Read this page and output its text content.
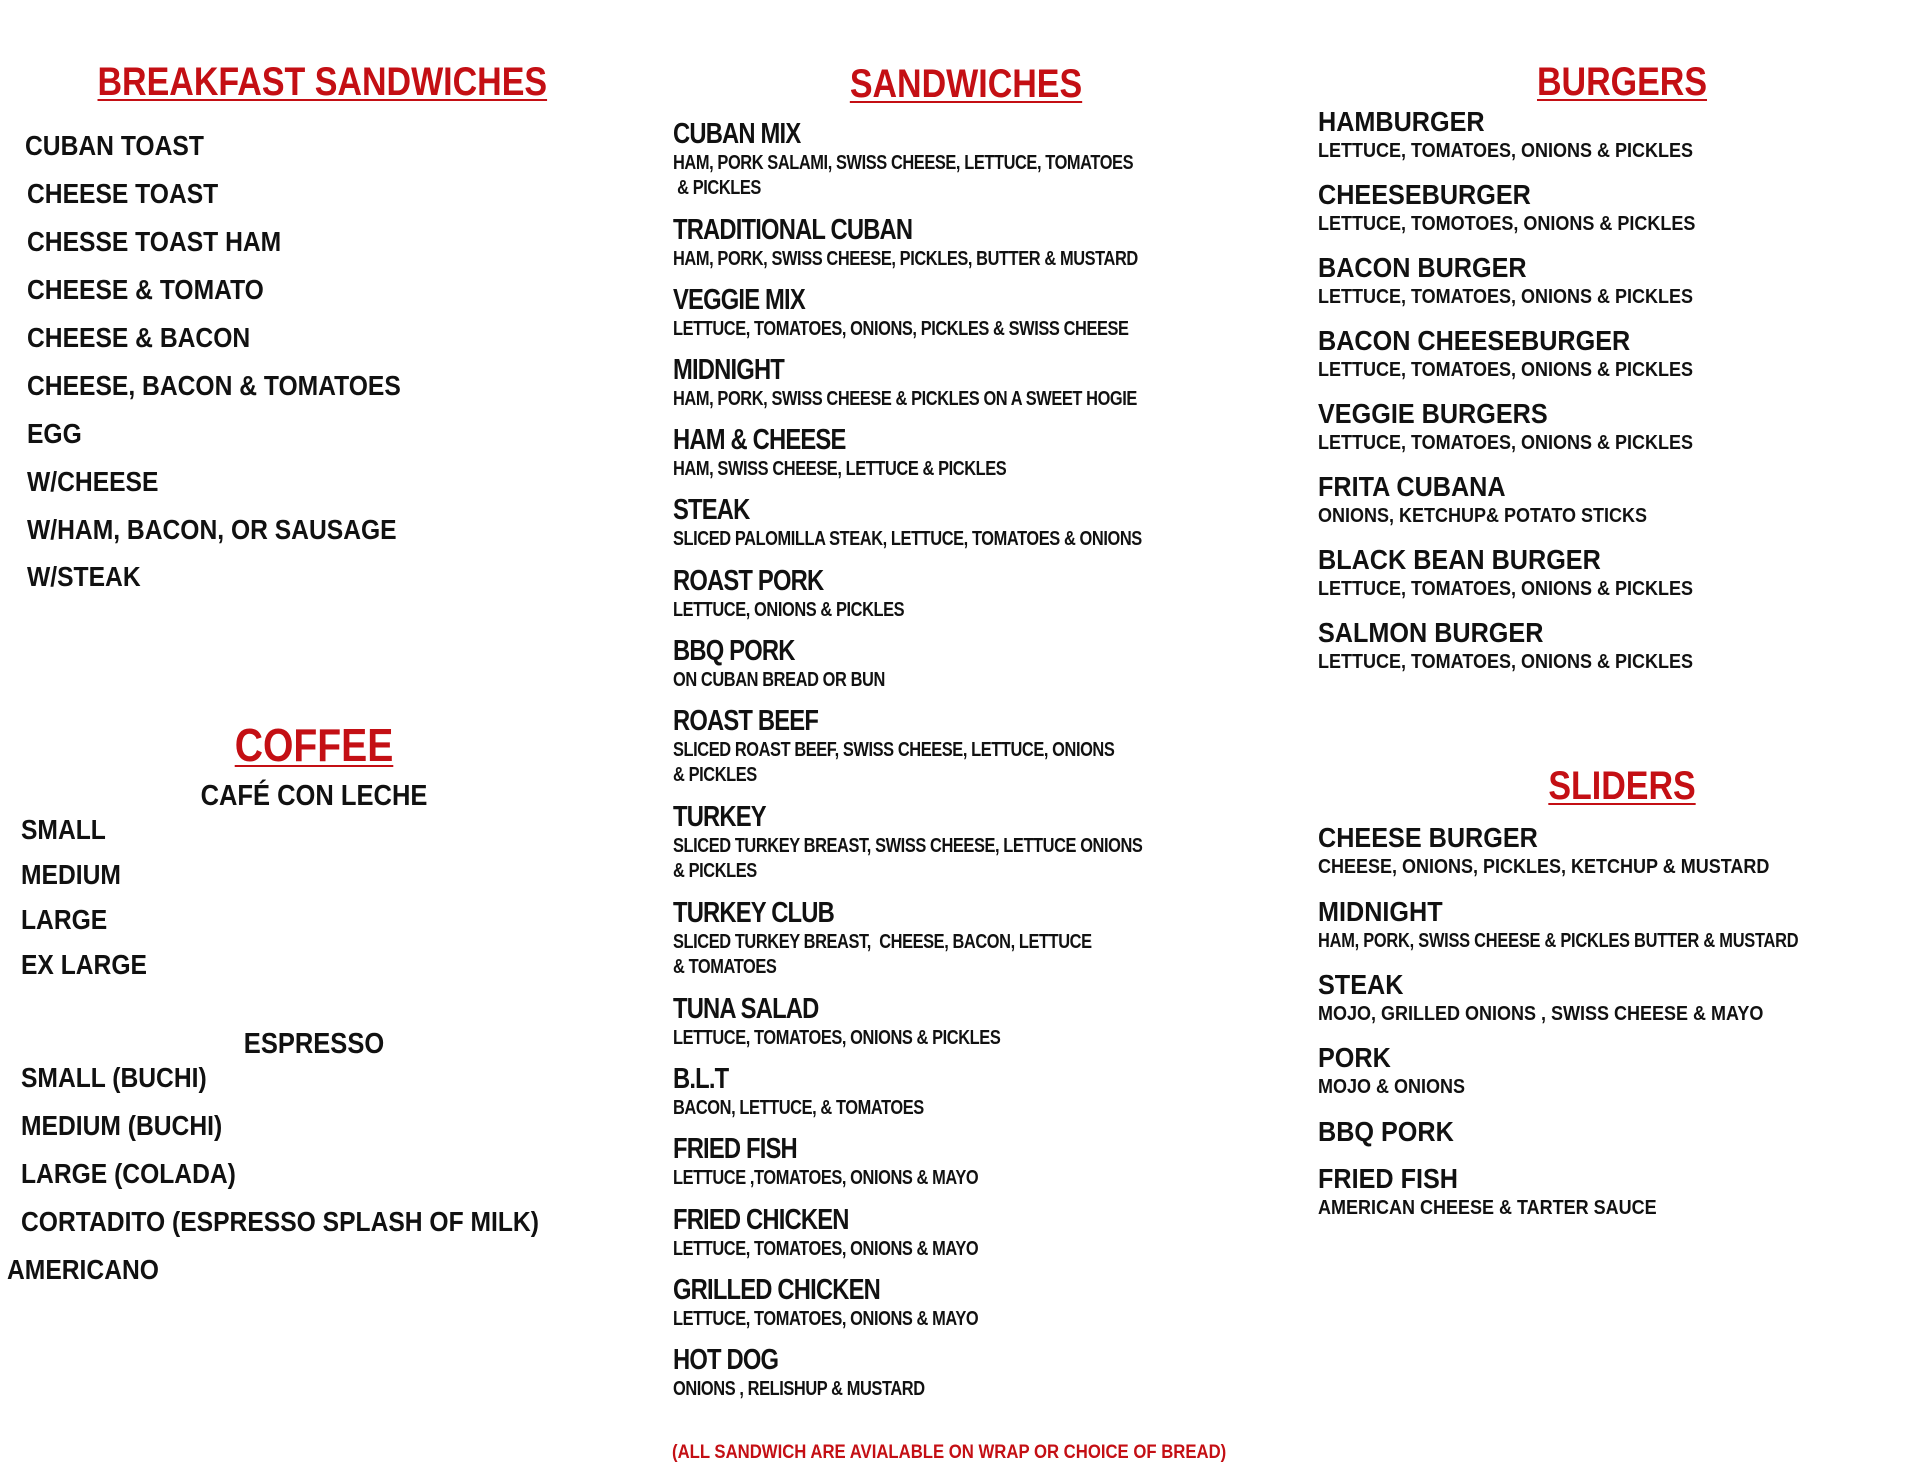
BREAKFAST SANDWICHES
CUBAN TOAST
CHEESE TOAST
CHESSE TOAST HAM
CHEESE & TOMATO
CHEESE & BACON
CHEESE, BACON & TOMATOES
EGG
W/CHEESE
W/HAM, BACON, OR SAUSAGE
W/STEAK
COFFEE
CAFÉ CON LECHE
SMALL
MEDIUM
LARGE
EX LARGE
ESPRESSO
SMALL (BUCHI)
MEDIUM (BUCHI)
LARGE (COLADA)
CORTADITO (ESPRESSO SPLASH OF MILK)
AMERICANO
SANDWICHES
CUBAN MIX
HAM, PORK SALAMI, SWISS CHEESE, LETTUCE, TOMATOES
& PICKLES
TRADITIONAL CUBAN
HAM, PORK, SWISS CHEESE, PICKLES, BUTTER & MUSTARD
VEGGIE MIX
LETTUCE, TOMATOES, ONIONS, PICKLES & SWISS CHEESE
MIDNIGHT
HAM, PORK, SWISS CHEESE & PICKLES ON A SWEET HOGIE
HAM & CHEESE
HAM, SWISS CHEESE, LETTUCE & PICKLES
STEAK
SLICED PALOMILLA STEAK, LETTUCE, TOMATOES & ONIONS
ROAST PORK
LETTUCE, ONIONS & PICKLES
BBQ PORK
ON CUBAN BREAD OR BUN
ROAST BEEF
SLICED ROAST BEEF, SWISS CHEESE, LETTUCE, ONIONS
& PICKLES
TURKEY
SLICED TURKEY BREAST, SWISS CHEESE, LETTUCE ONIONS
& PICKLES
TURKEY CLUB
SLICED TURKEY BREAST,  CHEESE, BACON, LETTUCE
& TOMATOES
TUNA SALAD
LETTUCE, TOMATOES, ONIONS & PICKLES
B.L.T
BACON, LETTUCE, & TOMATOES
FRIED FISH
LETTUCE ,TOMATOES, ONIONS & MAYO
FRIED CHICKEN
LETTUCE, TOMATOES, ONIONS & MAYO
GRILLED CHICKEN
LETTUCE, TOMATOES, ONIONS & MAYO
HOT DOG
ONIONS , RELISHUP & MUSTARD
(ALL SANDWICH ARE AVIALABLE ON WRAP OR CHOICE OF BREAD)
BURGERS
HAMBURGER
LETTUCE, TOMATOES, ONIONS & PICKLES
CHEESEBURGER
LETTUCE, TOMOTOES, ONIONS & PICKLES
BACON BURGER
LETTUCE, TOMATOES, ONIONS & PICKLES
BACON CHEESEBURGER
LETTUCE, TOMATOES, ONIONS & PICKLES
VEGGIE BURGERS
LETTUCE, TOMATOES, ONIONS & PICKLES
FRITA CUBANA
ONIONS, KETCHUP& POTATO STICKS
BLACK BEAN BURGER
LETTUCE, TOMATOES, ONIONS & PICKLES
SALMON BURGER
LETTUCE, TOMATOES, ONIONS & PICKLES
SLIDERS
CHEESE BURGER
CHEESE, ONIONS, PICKLES, KETCHUP & MUSTARD
MIDNIGHT
HAM, PORK, SWISS CHEESE & PICKLES BUTTER & MUSTARD
STEAK
MOJO, GRILLED ONIONS , SWISS CHEESE & MAYO
PORK
MOJO & ONIONS
BBQ PORK
FRIED FISH
AMERICAN CHEESE & TARTER SAUCE
